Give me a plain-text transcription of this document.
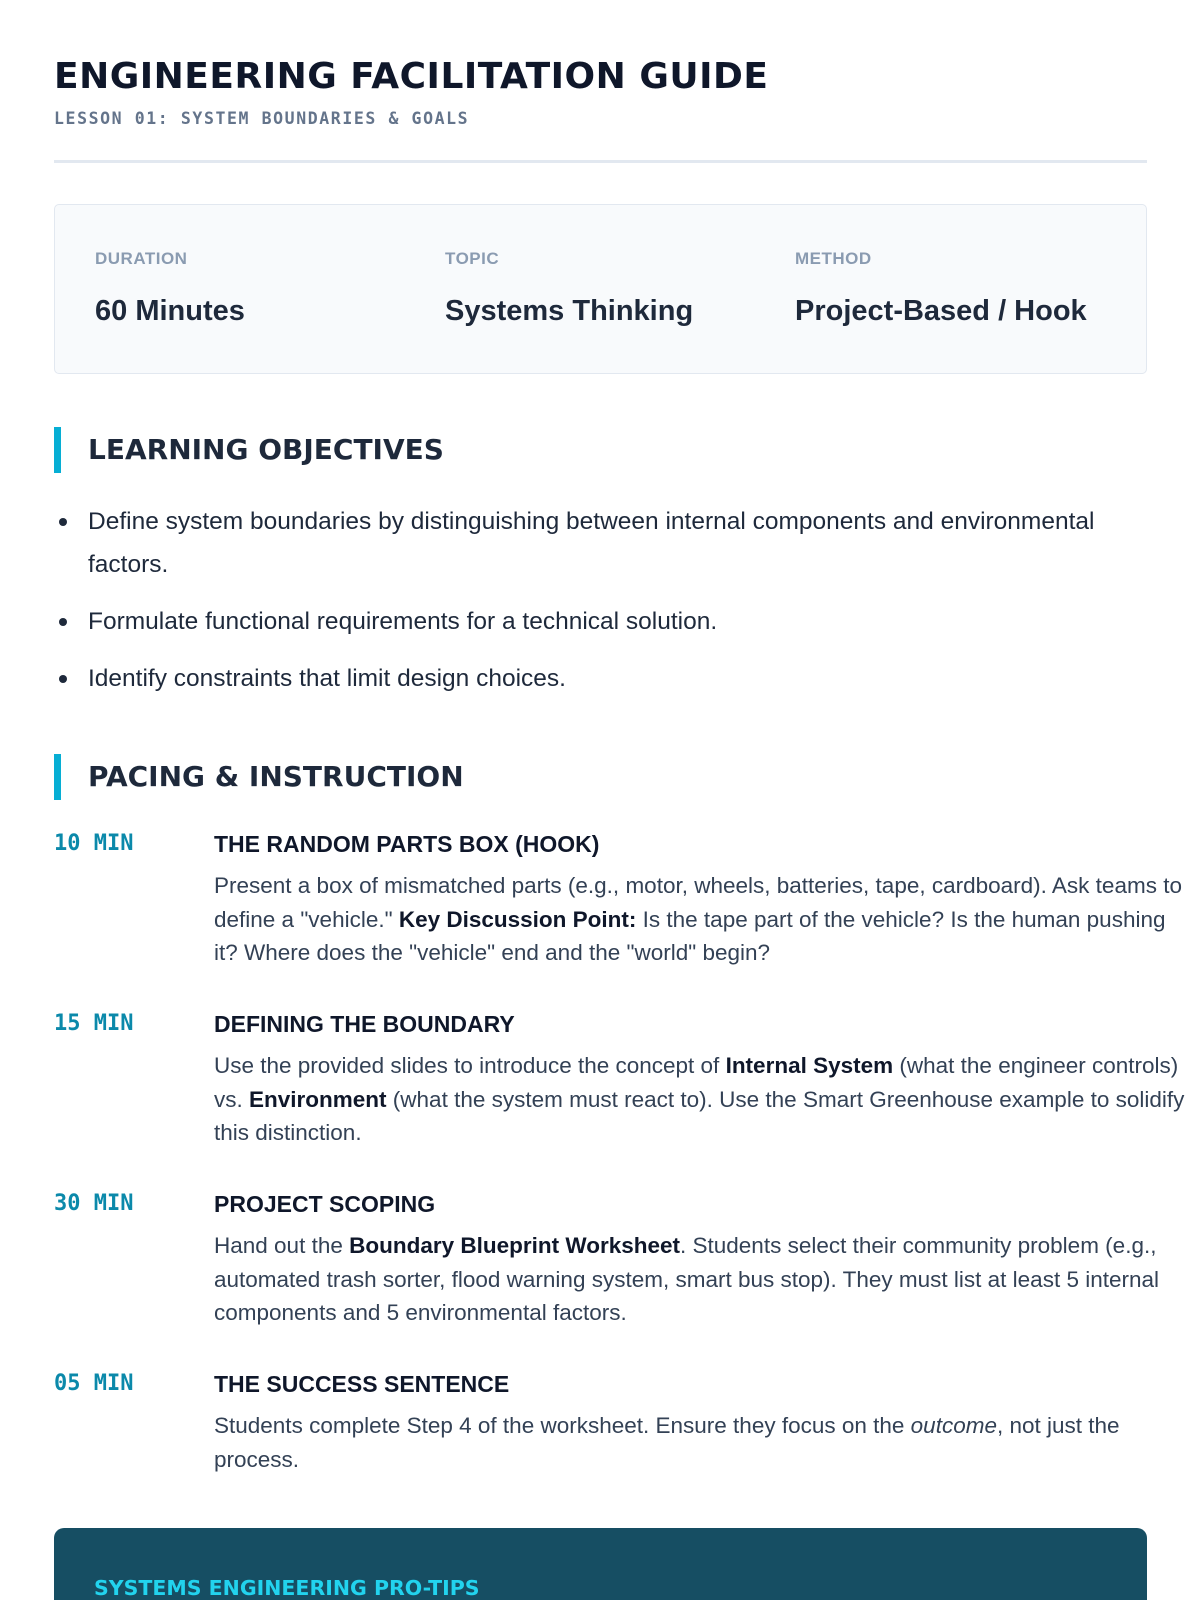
ENGINEERING FACILITATION GUIDE
LESSON 01: SYSTEM BOUNDARIES & GOALS
DURATION
60 Minutes
TOPIC
Systems Thinking
METHOD
Project-Based / Hook
LEARNING OBJECTIVES
Define system boundaries by distinguishing between internal components and environmental factors.
Formulate functional requirements for a technical solution.
Identify constraints that limit design choices.
PACING & INSTRUCTION
10 MIN	THE RANDOM PARTS BOX (HOOK)

Present a box of mismatched parts (e.g., motor, wheels, batteries, tape, cardboard). Ask teams to define a "vehicle." Key Discussion Point: Is the tape part of the vehicle? Is the human pushing it? Where does the "vehicle" end and the "world" begin?

15 MIN	DEFINING THE BOUNDARY

Use the provided slides to introduce the concept of Internal System (what the engineer controls) vs. Environment (what the system must react to). Use the Smart Greenhouse example to solidify this distinction.

30 MIN	PROJECT SCOPING

Hand out the Boundary Blueprint Worksheet. Students select their community problem (e.g., automated trash sorter, flood warning system, smart bus stop). They must list at least 5 internal components and 5 environmental factors.

05 MIN	THE SUCCESS SENTENCE

Students complete Step 4 of the worksheet. Ensure they focus on the outcome, not just the process.

SYSTEMS ENGINEERING PRO-TIPS
